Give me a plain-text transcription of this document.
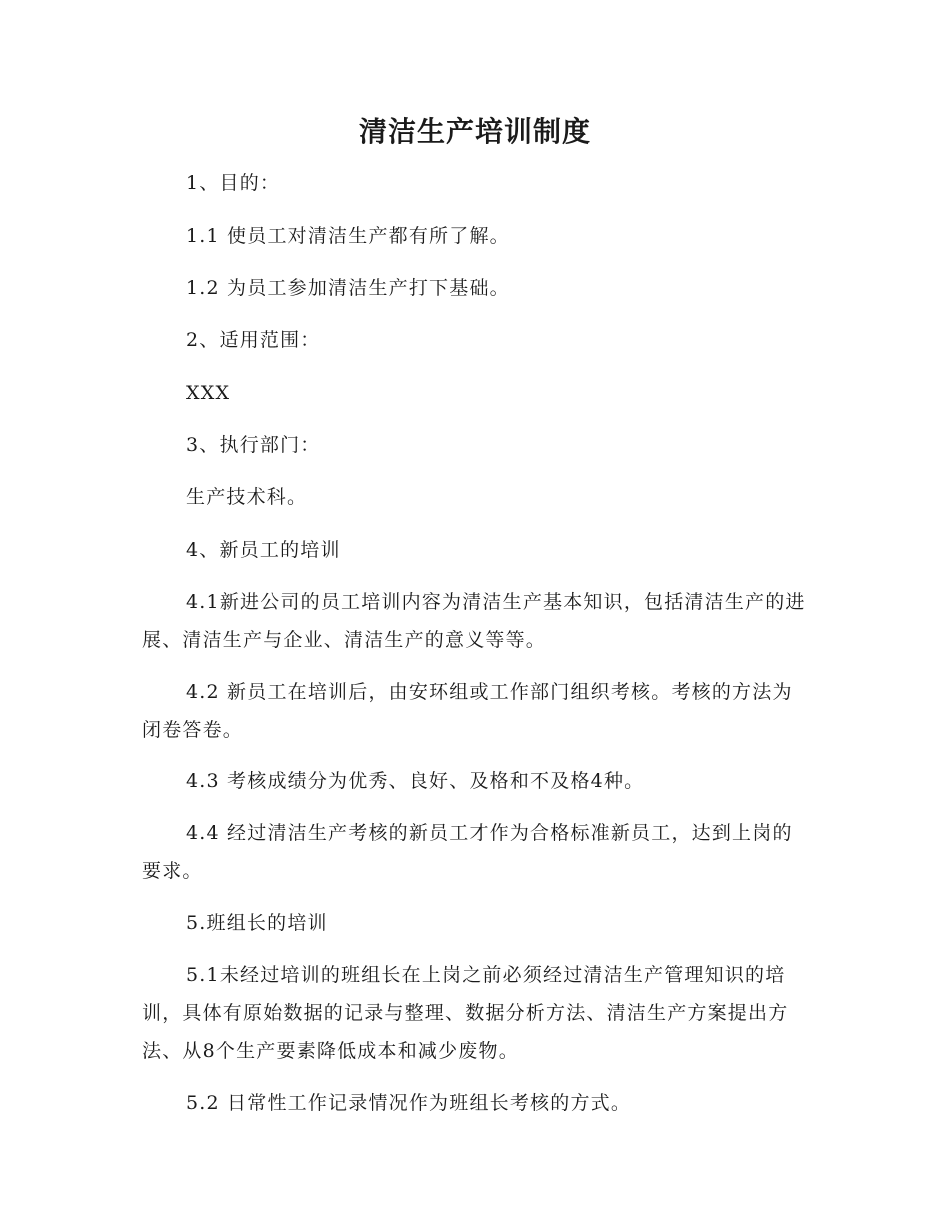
清洁生产培训制度

1、目的：

1.1 使员工对清洁生产都有所了解。

1.2 为员工参加清洁生产打下基础。

2、适用范围：

XXX

3、执行部门：

生产技术科。

4、新员工的培训

4.1新进公司的员工培训内容为清洁生产基本知识，包括清洁生产的进展、清洁生产与企业、清洁生产的意义等等。

4.2 新员工在培训后，由安环组或工作部门组织考核。考核的方法为闭卷答卷。

4.3 考核成绩分为优秀、良好、及格和不及格4种。

4.4 经过清洁生产考核的新员工才作为合格标准新员工，达到上岗的要求。

5.班组长的培训

5.1未经过培训的班组长在上岗之前必须经过清洁生产管理知识的培训，具体有原始数据的记录与整理、数据分析方法、清洁生产方案提出方法、从8个生产要素降低成本和减少废物。

5.2 日常性工作记录情况作为班组长考核的方式。
